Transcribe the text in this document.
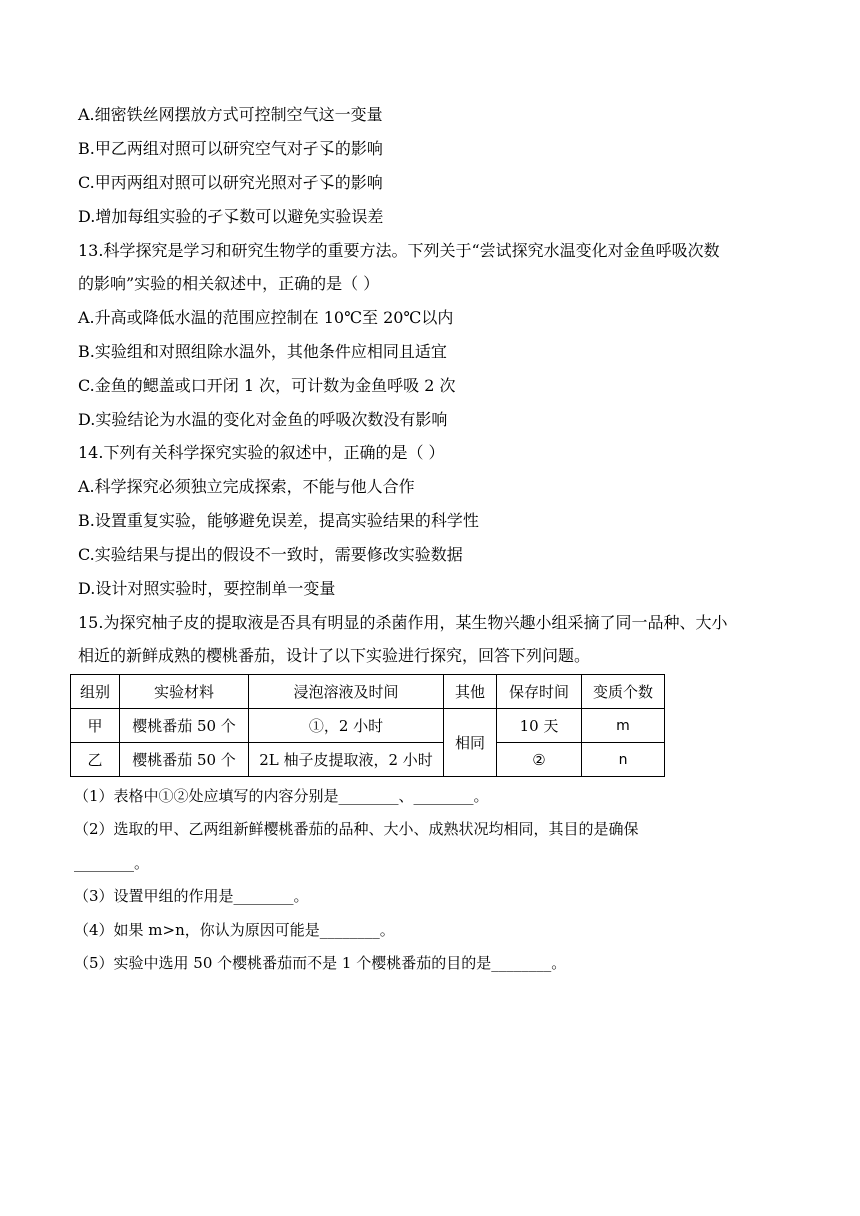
A.细密铁丝网摆放方式可控制空气这一变量
B.甲乙两组对照可以研究空气对孑孓的影响
C.甲丙两组对照可以研究光照对孑孓的影响
D.增加每组实验的孑孓数可以避免实验误差
13.科学探究是学习和研究生物学的重要方法。下列关于“尝试探究水温变化对金鱼呼吸次数
的影响”实验的相关叙述中，正确的是（ ）
A.升高或降低水温的范围应控制在 10℃至 20℃以内
B.实验组和对照组除水温外，其他条件应相同且适宜
C.金鱼的鳃盖或口开闭 1 次，可计数为金鱼呼吸 2 次
D.实验结论为水温的变化对金鱼的呼吸次数没有影响
14.下列有关科学探究实验的叙述中，正确的是（ ）
A.科学探究必须独立完成探索，不能与他人合作
B.设置重复实验，能够避免误差，提高实验结果的科学性
C.实验结果与提出的假设不一致时，需要修改实验数据
D.设计对照实验时，要控制单一变量
15.为探究柚子皮的提取液是否具有明显的杀菌作用，某生物兴趣小组采摘了同一品种、大小
相近的新鲜成熟的樱桃番茄，设计了以下实验进行探究，回答下列问题。
组别	实验材料	浸泡溶液及时间	其他	保存时间	变质个数
甲	樱桃番茄 50 个	①，2 小时	相同	10 天	m
乙	樱桃番茄 50 个	2L 柚子皮提取液，2 小时		②	n
（1）表格中①②处应填写的内容分别是________、________。
（2）选取的甲、乙两组新鲜樱桃番茄的品种、大小、成熟状况均相同，其目的是确保
________。
（3）设置甲组的作用是________。
（4）如果 m>n，你认为原因可能是________。
（5）实验中选用 50 个樱桃番茄而不是 1 个樱桃番茄的目的是________。
